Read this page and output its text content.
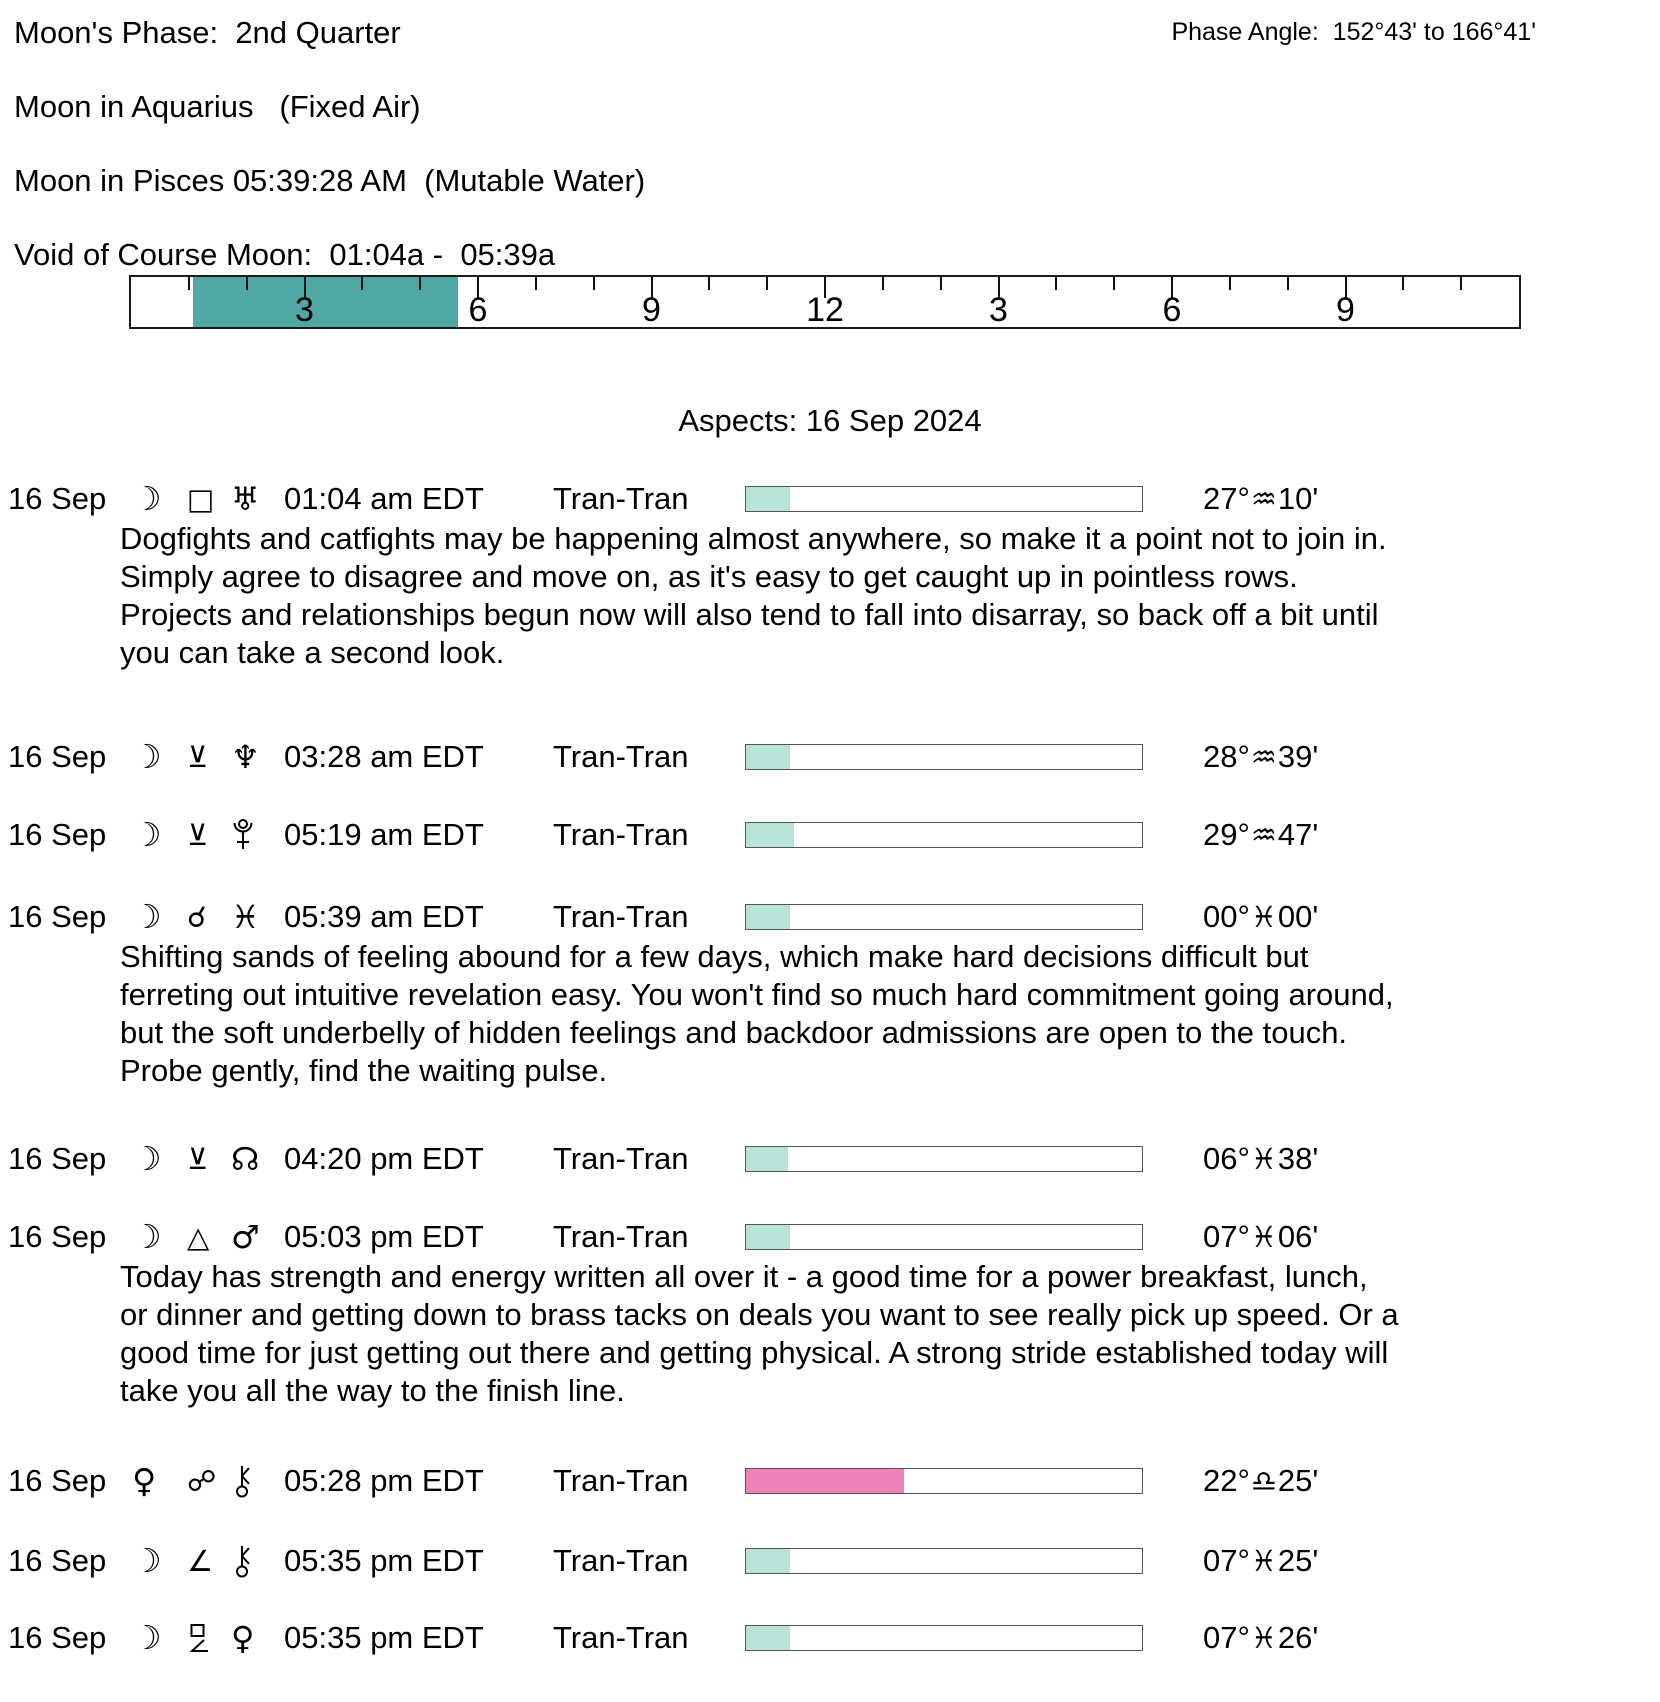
Moon's Phase:  2nd Quarter	Phase Angle:  152°43' to 166°41'
Moon in Aquarius   (Fixed Air)
Moon in Pisces 05:39:28 AM  (Mutable Water)
Void of Course Moon:  01:04a -  05:39a
3	6	9	12	3	6	9
Aspects: 16 Sep 2024
16 Sep ☽ □ ♅ 01:04 am EDT Tran-Tran	27°♒10'
Dogfights and catfights may be happening almost anywhere, so make it a point not to join in.
Simply agree to disagree and move on, as it's easy to get caught up in pointless rows.
Projects and relationships begun now will also tend to fall into disarray, so back off a bit until
you can take a second look.
16 Sep ☽ ⊻ ♆ 03:28 am EDT Tran-Tran	28°♒39'
16 Sep ☽ ⊻ 05:19 am EDT Tran-Tran	29°♒47'
16 Sep ☽ ☌ ♓ 05:39 am EDT Tran-Tran	00°♓00'
Shifting sands of feeling abound for a few days, which make hard decisions difficult but
ferreting out intuitive revelation easy. You won't find so much hard commitment going around,
but the soft underbelly of hidden feelings and backdoor admissions are open to the touch.
Probe gently, find the waiting pulse.
16 Sep ☽ ⊻ ☊ 04:20 pm EDT Tran-Tran	06°♓38'
16 Sep ☽ △ ♂ 05:03 pm EDT Tran-Tran	07°♓06'
Today has strength and energy written all over it - a good time for a power breakfast, lunch,
or dinner and getting down to brass tacks on deals you want to see really pick up speed. Or a
good time for just getting out there and getting physical. A strong stride established today will
take you all the way to the finish line.
16 Sep ♀ ☍ 05:28 pm EDT Tran-Tran	22°♎25'
16 Sep ☽ ∠ 05:35 pm EDT Tran-Tran	07°♓25'
16 Sep ☽ ♀ 05:35 pm EDT Tran-Tran	07°♓26'
